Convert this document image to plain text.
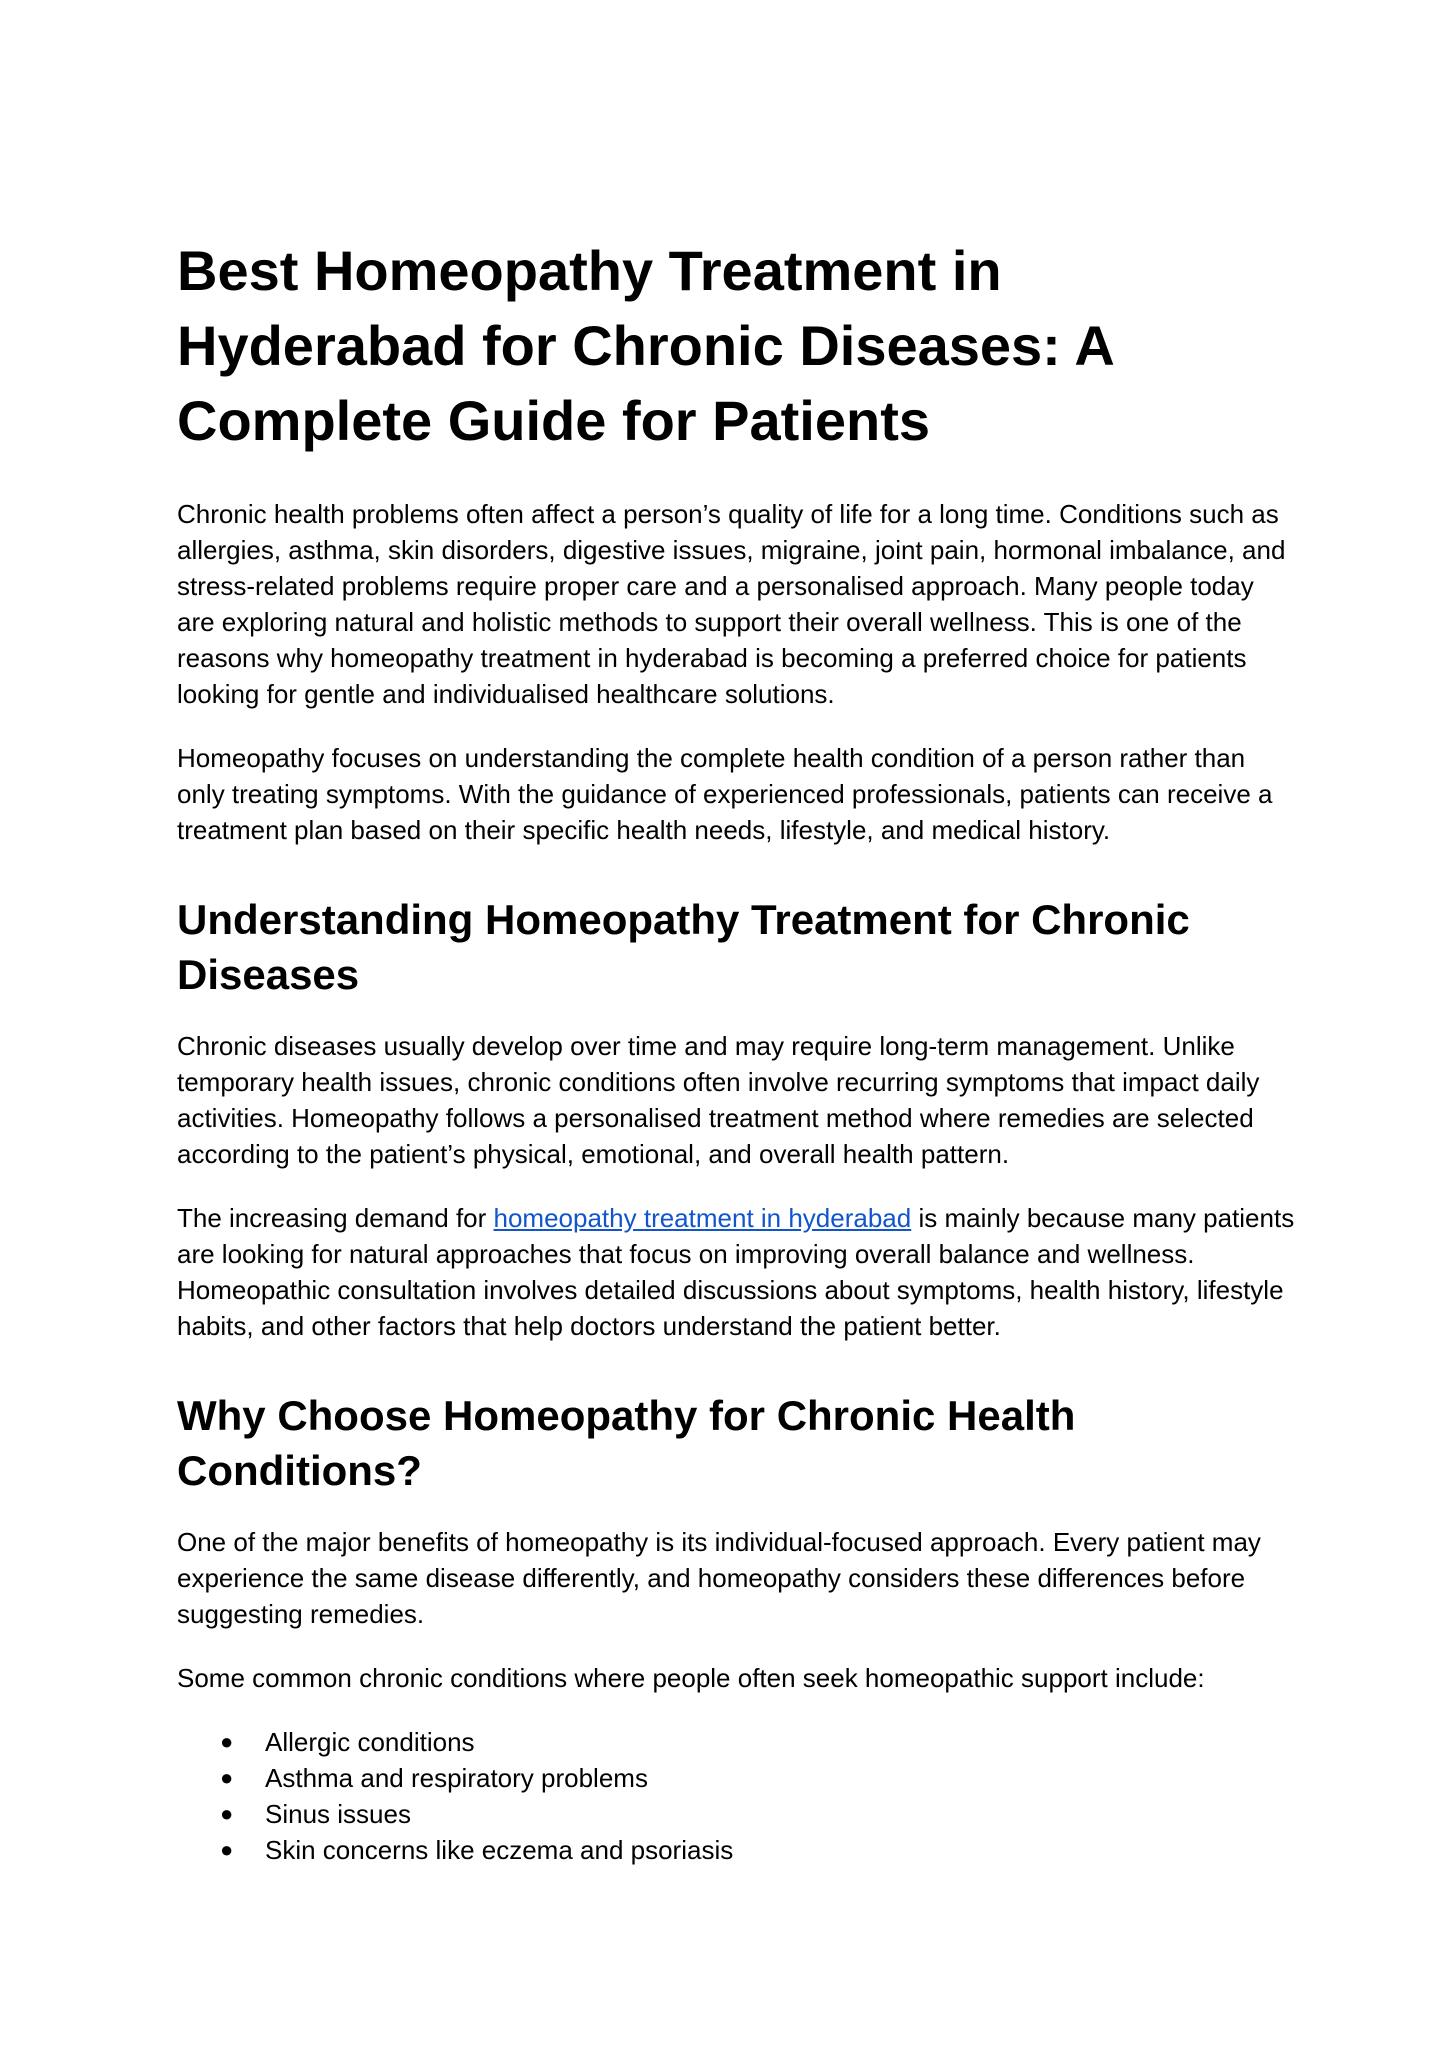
Best Homeopathy Treatment in Hyderabad for Chronic Diseases: A Complete Guide for Patients

Chronic health problems often affect a person’s quality of life for a long time. Conditions such as allergies, asthma, skin disorders, digestive issues, migraine, joint pain, hormonal imbalance, and stress-related problems require proper care and a personalised approach. Many people today are exploring natural and holistic methods to support their overall wellness. This is one of the reasons why homeopathy treatment in hyderabad is becoming a preferred choice for patients looking for gentle and individualised healthcare solutions.

Homeopathy focuses on understanding the complete health condition of a person rather than only treating symptoms. With the guidance of experienced professionals, patients can receive a treatment plan based on their specific health needs, lifestyle, and medical history.

Understanding Homeopathy Treatment for Chronic Diseases

Chronic diseases usually develop over time and may require long-term management. Unlike temporary health issues, chronic conditions often involve recurring symptoms that impact daily activities. Homeopathy follows a personalised treatment method where remedies are selected according to the patient’s physical, emotional, and overall health pattern.

The increasing demand for homeopathy treatment in hyderabad is mainly because many patients are looking for natural approaches that focus on improving overall balance and wellness. Homeopathic consultation involves detailed discussions about symptoms, health history, lifestyle habits, and other factors that help doctors understand the patient better.

Why Choose Homeopathy for Chronic Health Conditions?

One of the major benefits of homeopathy is its individual-focused approach. Every patient may experience the same disease differently, and homeopathy considers these differences before suggesting remedies.

Some common chronic conditions where people often seek homeopathic support include:

● Allergic conditions
● Asthma and respiratory problems
● Sinus issues
● Skin concerns like eczema and psoriasis
